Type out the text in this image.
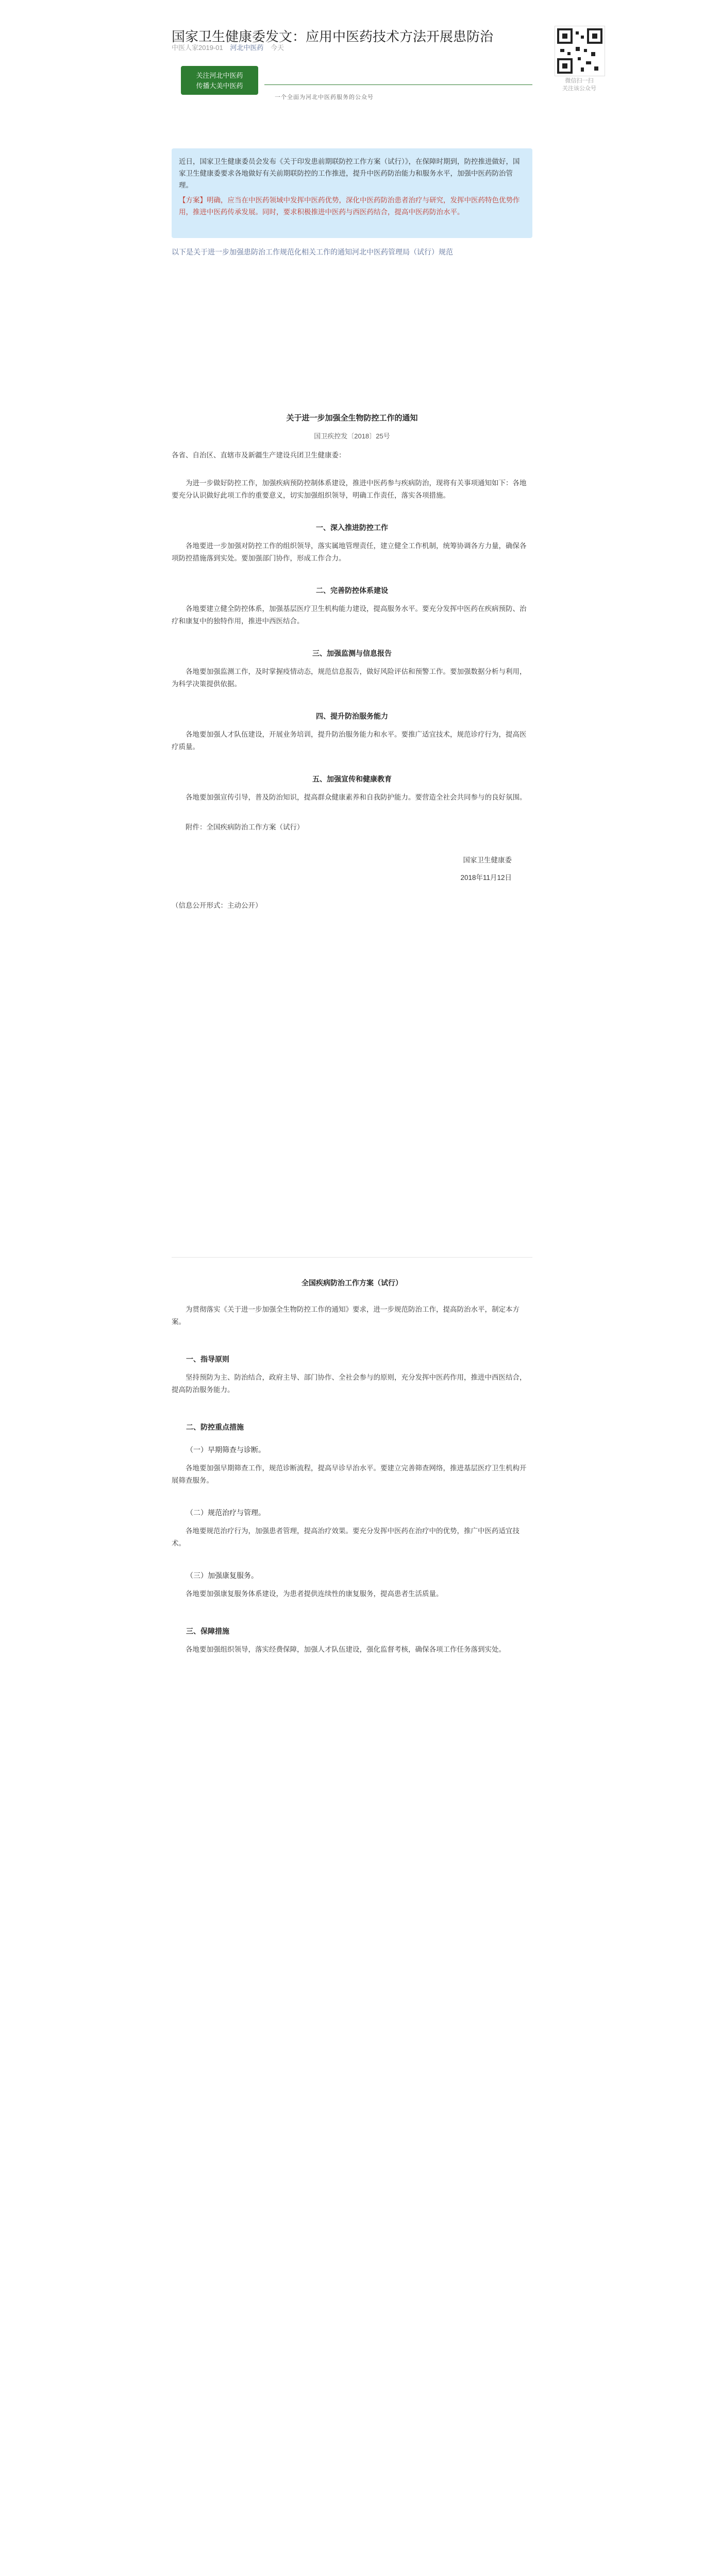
国家卫生健康委发文：应用中医药技术方法开展患防治
中医人家2019-01 河北中医药 今天
微信扫一扫
关注该公众号
关注河北中医药
传播大美中医药
一个全面为河北中医药服务的公众号

近日，国家卫生健康委员会发布《关于印发患前期联防控工作方案（试行）》，在保障时期到，防控推进做好，国家卫生健康委要求各地做好有关前期联防控的工作推进，提升中医药防治能力和服务水平，加强中医药防治管理。

【方案】明确，应当在中医药领域中发挥中医药优势，深化中医药防治患者治疗与研究，发挥中医药特色优势作用，推进中医药传承发展。同时，要求积极推进中医药与西医药结合，提高中医药防治水平。

以下是关于进一步加强患防治工作规范化相关工作的通知河北中医药管理局（试行）规范
关于进一步加强全生物防控工作的通知
国卫疾控发〔2018〕25号

各省、自治区、直辖市及新疆生产建设兵团卫生健康委：

为进一步做好防控工作，加强疾病预防控制体系建设，推进中医药参与疾病防治，现将有关事项通知如下：各地要充分认识做好此项工作的重要意义，切实加强组织领导，明确工作责任，落实各项措施。

一、深入推进防控工作

各地要进一步加强对防控工作的组织领导，落实属地管理责任，建立健全工作机制，统筹协调各方力量，确保各项防控措施落到实处。要加强部门协作，形成工作合力。

二、完善防控体系建设

各地要建立健全防控体系，加强基层医疗卫生机构能力建设，提高服务水平。要充分发挥中医药在疾病预防、治疗和康复中的独特作用，推进中西医结合。

三、加强监测与信息报告

各地要加强监测工作，及时掌握疫情动态，规范信息报告，做好风险评估和预警工作。要加强数据分析与利用，为科学决策提供依据。

四、提升防治服务能力

各地要加强人才队伍建设，开展业务培训，提升防治服务能力和水平。要推广适宜技术，规范诊疗行为，提高医疗质量。

五、加强宣传和健康教育

各地要加强宣传引导，普及防治知识，提高群众健康素养和自我防护能力。要营造全社会共同参与的良好氛围。

附件：全国疾病防治工作方案（试行）

国家卫生健康委

2018年11月12日

（信息公开形式：主动公开）

全国疾病防治工作方案（试行）

为贯彻落实《关于进一步加强全生物防控工作的通知》要求，进一步规范防治工作，提高防治水平，制定本方案。

一、指导原则

坚持预防为主、防治结合，政府主导、部门协作、全社会参与的原则，充分发挥中医药作用，推进中西医结合，提高防治服务能力。

二、防控重点措施

（一）早期筛查与诊断。

各地要加强早期筛查工作，规范诊断流程，提高早诊早治水平。要建立完善筛查网络，推进基层医疗卫生机构开展筛查服务。

（二）规范治疗与管理。

各地要规范治疗行为，加强患者管理，提高治疗效果。要充分发挥中医药在治疗中的优势，推广中医药适宜技术。

（三）加强康复服务。

各地要加强康复服务体系建设，为患者提供连续性的康复服务，提高患者生活质量。

三、保障措施

各地要加强组织领导，落实经费保障，加强人才队伍建设，强化监督考核，确保各项工作任务落到实处。
